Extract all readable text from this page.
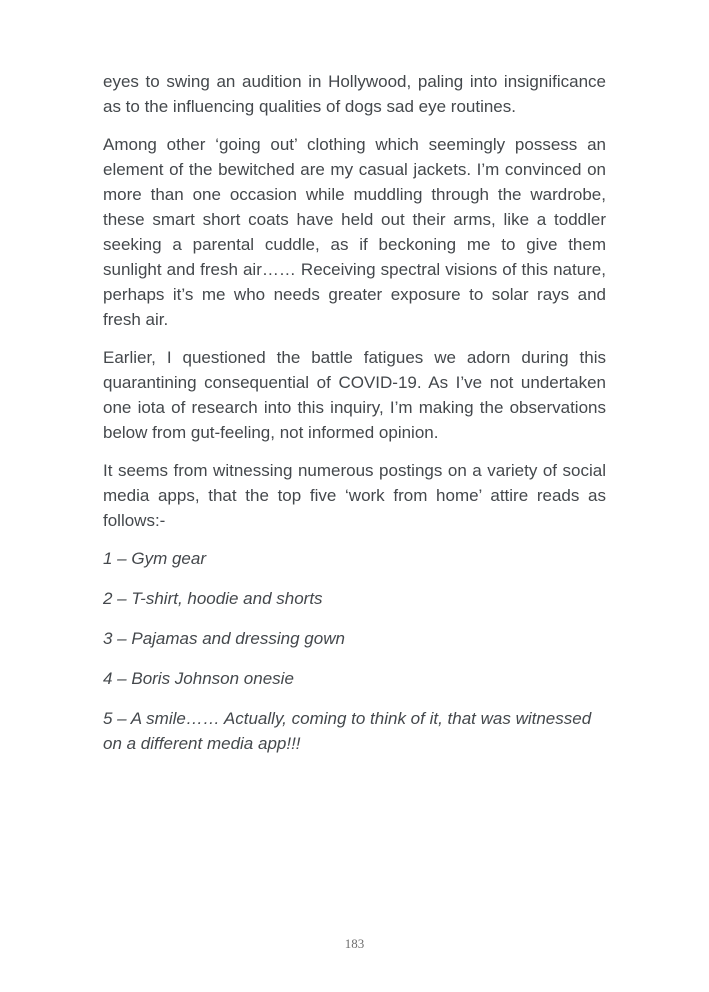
eyes to swing an audition in Hollywood, paling into insignificance as to the influencing qualities of dogs sad eye routines.

Among other ‘going out’ clothing which seemingly possess an element of the bewitched are my casual jackets. I’m convinced on more than one occasion while muddling through the wardrobe, these smart short coats have held out their arms, like a toddler seeking a parental cuddle, as if beckoning me to give them sunlight and fresh air…… Receiving spectral visions of this nature, perhaps it’s me who needs greater exposure to solar rays and fresh air.

Earlier, I questioned the battle fatigues we adorn during this quarantining consequential of COVID-19. As I’ve not undertaken one iota of research into this inquiry, I’m making the observations below from gut-feeling, not informed opinion.

It seems from witnessing numerous postings on a variety of social media apps, that the top five ‘work from home’ attire reads as follows:-

1 – Gym gear

2 – T-shirt, hoodie and shorts

3 – Pajamas and dressing gown

4 – Boris Johnson onesie

5 – A smile…… Actually, coming to think of it, that was witnessed on a different media app!!!

183
